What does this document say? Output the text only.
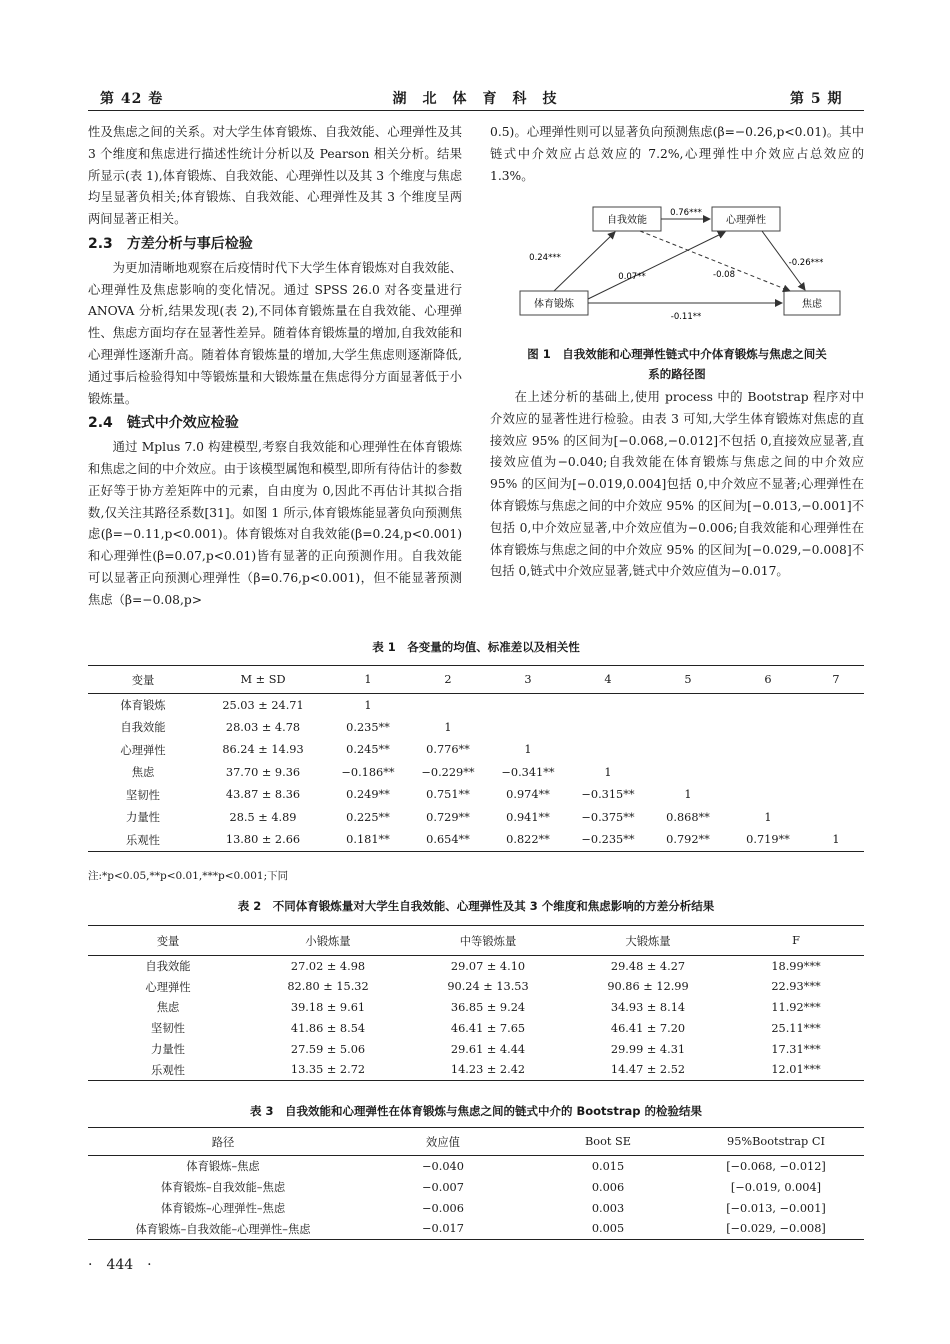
第 42 卷	湖　北　体　育　科　技	第 5 期

性及焦虑之间的关系。对大学生体育锻炼、自我效能、心理弹性及其 3 个维度和焦虑进行描述性统计分析以及 Pearson 相关分析。结果所显示(表 1),体育锻炼、自我效能、心理弹性以及其 3 个维度与焦虑均呈显著负相关;体育锻炼、自我效能、心理弹性及其 3 个维度呈两两间显著正相关。

2.3 方差分析与事后检验

为更加清晰地观察在后疫情时代下大学生体育锻炼对自我效能、心理弹性及焦虑影响的变化情况。通过 SPSS 26.0 对各变量进行 ANOVA 分析,结果发现(表 2),不同体育锻炼量在自我效能、心理弹性、焦虑方面均存在显著性差异。随着体育锻炼量的增加,自我效能和心理弹性逐渐升高。随着体育锻炼量的增加,大学生焦虑则逐渐降低,通过事后检验得知中等锻炼量和大锻炼量在焦虑得分方面显著低于小锻炼量。

2.4 链式中介效应检验

通过 Mplus 7.0 构建模型,考察自我效能和心理弹性在体育锻炼和焦虑之间的中介效应。由于该模型属饱和模型,即所有待估计的参数正好等于协方差矩阵中的元素，自由度为 0,因此不再估计其拟合指数,仅关注其路径系数[31]。如图 1 所示,体育锻炼能显著负向预测焦虑(β=−0.11,p<0.001)。体育锻炼对自我效能(β=0.24,p<0.001)和心理弹性(β=0.07,p<0.01)皆有显著的正向预测作用。自我效能可以显著正向预测心理弹性（β=0.76,p<0.001)，但不能显著预测焦虑（β=−0.08,p>

0.5)。心理弹性则可以显著负向预测焦虑(β=−0.26,p<0.01)。其中链式中介效应占总效应的 7.2%,心理弹性中介效应占总效应的 1.3%。

自我效能	心理弹性
体育锻炼	焦虑
0.76***
0.24***
0.07**	-0.08
-0.26***
-0.11**
图 1　自我效能和心理弹性链式中介体育锻炼与焦虑之间关
系的路径图

在上述分析的基础上,使用 process 中的 Bootstrap 程序对中介效应的显著性进行检验。由表 3 可知,大学生体育锻炼对焦虑的直接效应 95% 的区间为[−0.068,−0.012]不包括 0,直接效应显著,直接效应值为−0.040;自我效能在体育锻炼与焦虑之间的中介效应 95% 的区间为[−0.019,0.004]包括 0,中介效应不显著;心理弹性在体育锻炼与焦虑之间的中介效应 95% 的区间为[−0.013,−0.001]不包括 0,中介效应显著,中介效应值为−0.006;自我效能和心理弹性在体育锻炼与焦虑之间的中介效应 95% 的区间为[−0.029,−0.008]不包括 0,链式中介效应显著,链式中介效应值为−0.017。

表 1　各变量的均值、标准差以及相关性
变量	M ± SD	1	2	3	4	5	6	7
体育锻炼	25.03 ± 24.71	1						
自我效能	28.03 ± 4.78	0.235**	1					
心理弹性	86.24 ± 14.93	0.245**	0.776**	1				
焦虑	37.70 ± 9.36	−0.186**	−0.229**	−0.341**	1			
坚韧性	43.87 ± 8.36	0.249**	0.751**	0.974**	−0.315**	1		
力量性	28.5 ± 4.89	0.225**	0.729**	0.941**	−0.375**	0.868**	1	
乐观性	13.80 ± 2.66	0.181**	0.654**	0.822**	−0.235**	0.792**	0.719**	1
注:*p<0.05,**p<0.01,***p<0.001;下同
表 2　不同体育锻炼量对大学生自我效能、心理弹性及其 3 个维度和焦虑影响的方差分析结果
变量	小锻炼量	中等锻炼量	大锻炼量	F
自我效能	27.02 ± 4.98	29.07 ± 4.10	29.48 ± 4.27	18.99***
心理弹性	82.80 ± 15.32	90.24 ± 13.53	90.86 ± 12.99	22.93***
焦虑	39.18 ± 9.61	36.85 ± 9.24	34.93 ± 8.14	11.92***
坚韧性	41.86 ± 8.54	46.41 ± 7.65	46.41 ± 7.20	25.11***
力量性	27.59 ± 5.06	29.61 ± 4.44	29.99 ± 4.31	17.31***
乐观性	13.35 ± 2.72	14.23 ± 2.42	14.47 ± 2.52	12.01***
表 3　自我效能和心理弹性在体育锻炼与焦虑之间的链式中介的 Bootstrap 的检验结果
路径	效应值	Boot SE	95%Bootstrap CI
体育锻炼–焦虑	−0.040	0.015	[−0.068, −0.012]
体育锻炼–自我效能–焦虑	−0.007	0.006	[−0.019, 0.004]
体育锻炼–心理弹性–焦虑	−0.006	0.003	[−0.013, −0.001]
体育锻炼–自我效能–心理弹性–焦虑	−0.017	0.005	[−0.029, −0.008]
·　444　·
